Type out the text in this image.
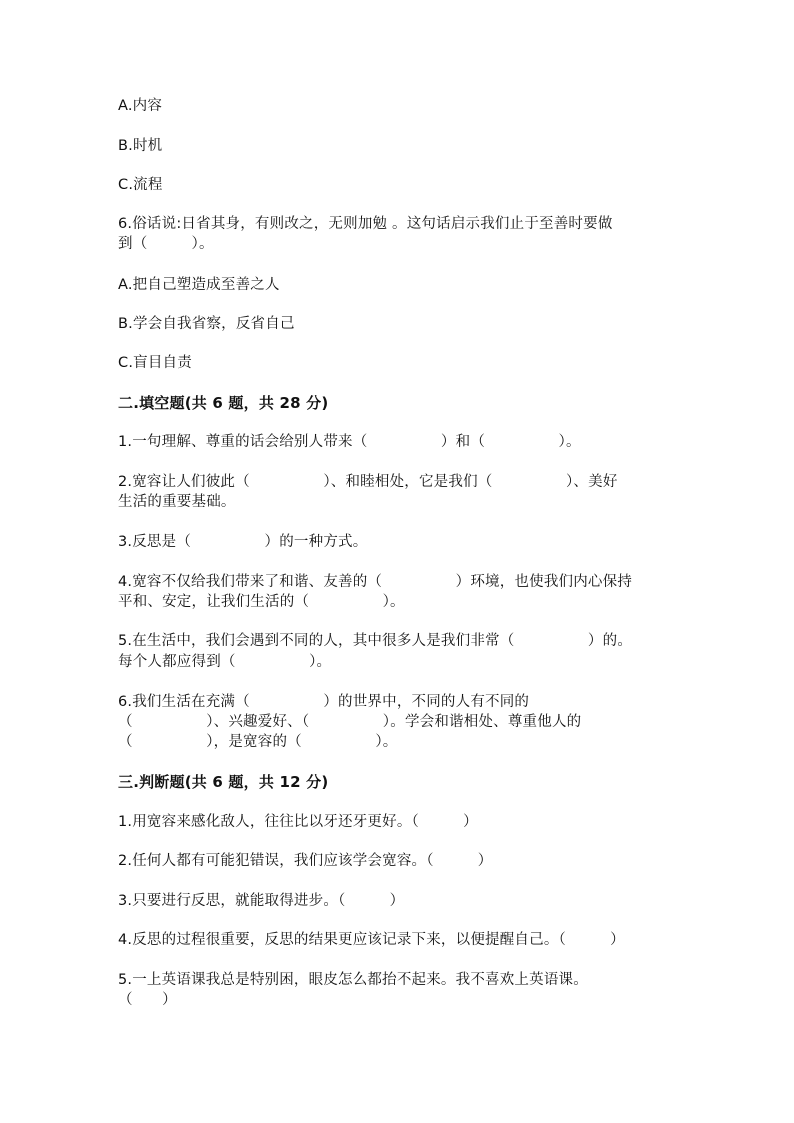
A.内容
B.时机
C.流程
6.俗话说:日省其身，有则改之，无则加勉 。这句话启示我们止于至善时要做
到（　　　）。
A.把自己塑造成至善之人
B.学会自我省察，反省自己
C.盲目自责
二.填空题(共 6 题，共 28 分)
1.一句理解、尊重的话会给别人带来（　　　　　）和（　　　　　）。
2.宽容让人们彼此（　　　　　）、和睦相处，它是我们（　　　　　）、美好
生活的重要基础。
3.反思是（　　　　　）的一种方式。
4.宽容不仅给我们带来了和谐、友善的（　　　　　）环境，也使我们内心保持
平和、安定，让我们生活的（　　　　　）。
5.在生活中，我们会遇到不同的人，其中很多人是我们非常（　　　　　）的。
每个人都应得到（　　　　　）。
6.我们生活在充满（　　　　　）的世界中，不同的人有不同的
（　　　　　）、兴趣爱好、（　　　　　）。学会和谐相处、尊重他人的
（　　　　　），是宽容的（　　　　　）。
三.判断题(共 6 题，共 12 分)
1.用宽容来感化敌人，往往比以牙还牙更好。（　　　）
2.任何人都有可能犯错误，我们应该学会宽容。（　　　）
3.只要进行反思，就能取得进步。（　　　）
4.反思的过程很重要，反思的结果更应该记录下来，以便提醒自己。（　　　）
5.一上英语课我总是特别困，眼皮怎么都抬不起来。我不喜欢上英语课。
（　　）
